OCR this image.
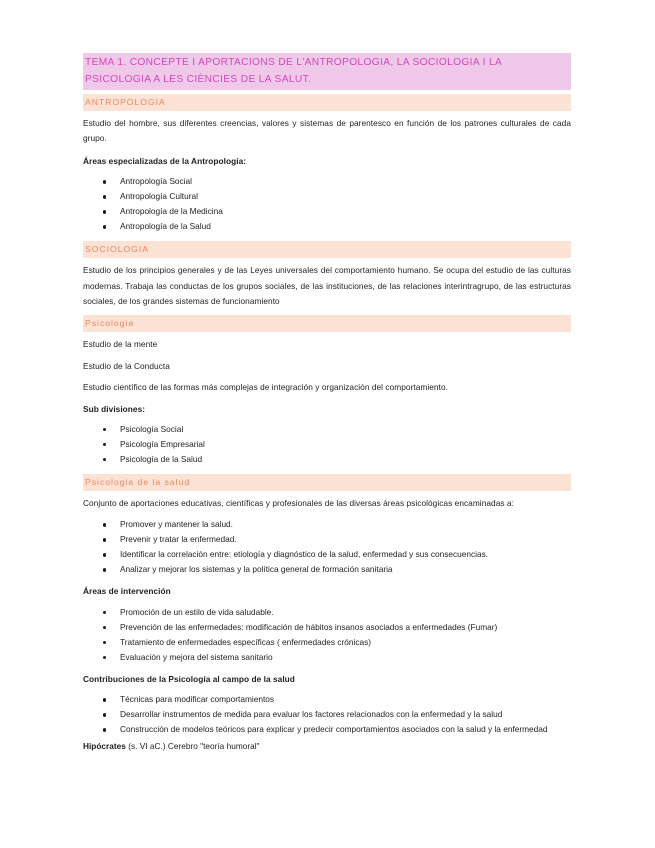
TEMA 1. CONCEPTE I APORTACIONS DE L'ANTROPOLOGIA, LA SOCIOLOGIA I LA PSICOLOGIA A LES CIÈNCIES DE LA SALUT.
ANTROPOLOGIA

Estudio del hombre, sus diferentes creencias, valores y sistemas de parentesco en función de los patrones culturales de cada grupo.

Áreas especializadas de la Antropología:

Antropología Social
Antropología Cultural
Antropología de la Medicina
Antropología de la Salud
SOCIOLOGIA

Estudio de los principios generales y de las Leyes universales del comportamiento humano. Se ocupa del estudio de las culturas modernas. Trabaja las conductas de los grupos sociales, de las instituciones, de las relaciones interintragrupo, de las estructuras sociales, de los grandes sistemas de funcionamiento

Psicologia

Estudio de la mente

Estudio de la Conducta

Estudio científico de las formas más complejas de integración y organización del comportamiento.

Sub divisiones:

Psicología Social
Psicología Empresarial
Psicología de la Salud
Psicologia de la salud

Conjunto de aportaciones educativas, científicas y profesionales de las diversas áreas psicológicas encaminadas a:

Promover y mantener la salud.
Prevenir y tratar la enfermedad.
Identificar la correlación entre: etiología y diagnóstico de la salud, enfermedad y sus consecuencias.
Analizar y mejorar los sistemas y la política general de formación sanitaria

Áreas de intervención

Promoción de un estilo de vida saludable.
Prevención de las enfermedades: modificación de hábitos insanos asociados a enfermedades (Fumar)
Tratamiento de enfermedades específicas ( enfermedades crónicas)
Evaluación y mejora del sistema sanitario

Contribuciones de la Psicología al campo de la salud

Técnicas para modificar comportamientos
Desarrollar instrumentos de medida para evaluar los factores relacionados con la enfermedad y la salud
Construcción de modelos teóricos para explicar y predecir comportamientos asociados con la salud y la enfermedad
Hipócrates (s. VI aC.) Cerebro "teoría humoral"
